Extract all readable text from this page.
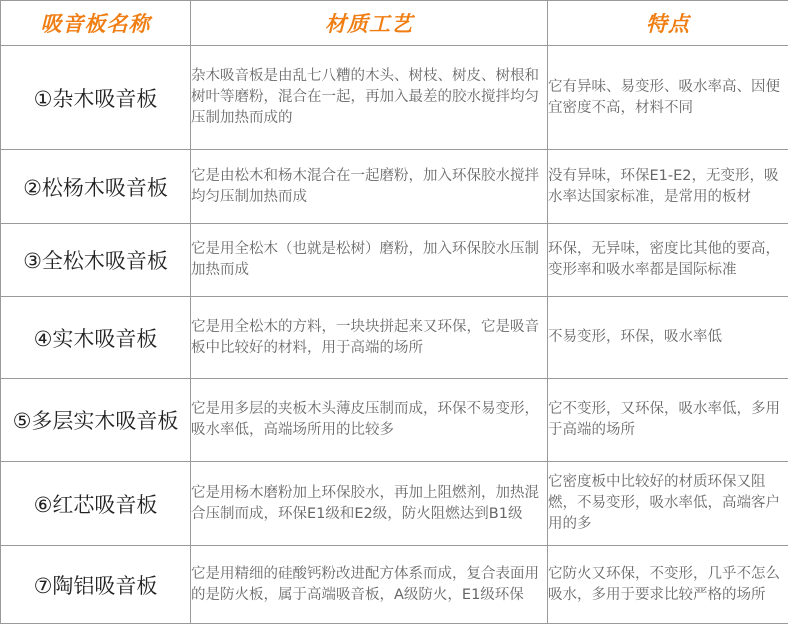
吸音板名称	材质工艺	特点
①杂木吸音板	杂木吸音板是由乱七八糟的木头、树枝、树皮、树根和树叶等磨粉，混合在一起，再加入最差的胶水搅拌均匀压制加热而成的	它有异味、易变形、吸水率高、因便宜密度不高，材料不同
②松杨木吸音板	它是由松木和杨木混合在一起磨粉，加入环保胶水搅拌均匀压制加热而成	没有异味，环保E1-E2，无变形，吸水率达国家标准，是常用的板材
③全松木吸音板	它是用全松木（也就是松树）磨粉，加入环保胶水压制加热而成	环保，无异味，密度比其他的要高，变形率和吸水率都是国际标准
④实木吸音板	它是用全松木的方料，一块块拼起来又环保，它是吸音板中比较好的材料，用于高端的场所	不易变形，环保，吸水率低
⑤多层实木吸音板	它是用多层的夹板木头薄皮压制而成，环保不易变形，吸水率低，高端场所用的比较多	它不变形，又环保，吸水率低，多用于高端的场所
⑥红芯吸音板	它是用杨木磨粉加上环保胶水，再加上阻燃剂，加热混合压制而成，环保E1级和E2级，防火阻燃达到B1级	它密度板中比较好的材质环保又阻燃，不易变形，吸水率低，高端客户用的多
⑦陶铝吸音板	它是用精细的硅酸钙粉改进配方体系而成，复合表面用的是防火板，属于高端吸音板，A级防火，E1级环保	它防火又环保，不变形，几乎不怎么吸水，多用于要求比较严格的场所
